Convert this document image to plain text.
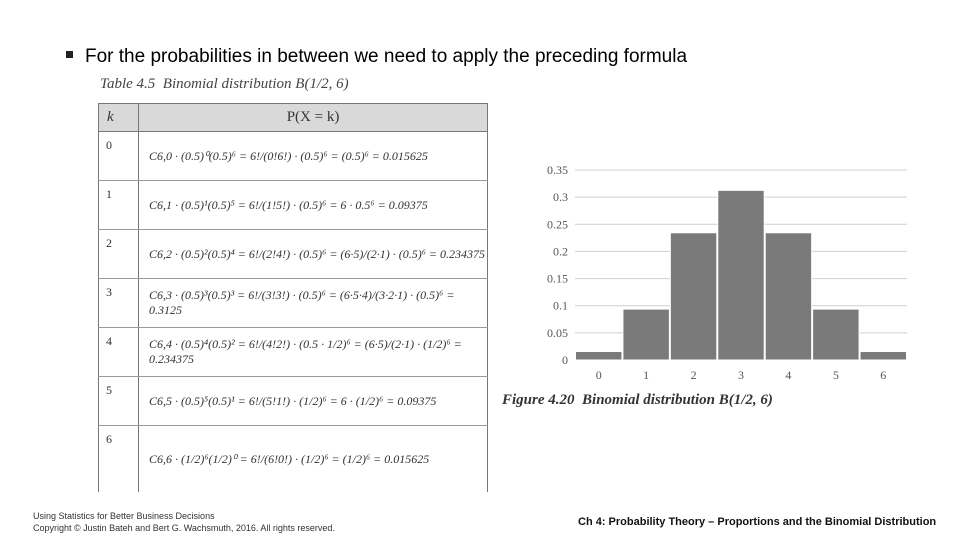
For the probabilities in between we need to apply the preceding formula
Table 4.5 Binomial distribution B(1/2, 6)
k	P(X = k)
0	C6,0 · (0.5)⁰(0.5)⁶ = 6!/(0!6!) · (0.5)⁶ = (0.5)⁶ = 0.015625
1	C6,1 · (0.5)¹(0.5)⁵ = 6!/(1!5!) · (0.5)⁶ = 6 · 0.5⁶ = 0.09375
2	C6,2 · (0.5)²(0.5)⁴ = 6!/(2!4!) · (0.5)⁶ = (6·5)/(2·1) · (0.5)⁶ = 0.234375
3	C6,3 · (0.5)³(0.5)³ = 6!/(3!3!) · (0.5)⁶ = (6·5·4)/(3·2·1) · (0.5)⁶ = 0.3125
4	C6,4 · (0.5)⁴(0.5)² = 6!/(4!2!) · (0.5 · 1/2)⁶ = (6·5)/(2·1) · (1/2)⁶ = 0.234375
5	C6,5 · (0.5)⁵(0.5)¹ = 6!/(5!1!) · (1/2)⁶ = 6 · (1/2)⁶ = 0.09375
6	C6,6 · (1/2)⁶(1/2)⁰ = 6!/(6!0!) · (1/2)⁶ = (1/2)⁶ = 0.015625
0
0.05
0.1
0.15
0.2
0.25
0.3
0.35
0	1	2	3	4	5	6
Figure 4.20 Binomial distribution B(1/2, 6)
Using Statistics for Better Business Decisions
Copyright © Justin Bateh and Bert G. Wachsmuth, 2016. All rights reserved.	Ch 4: Probability Theory – Proportions and the Binomial Distribution
